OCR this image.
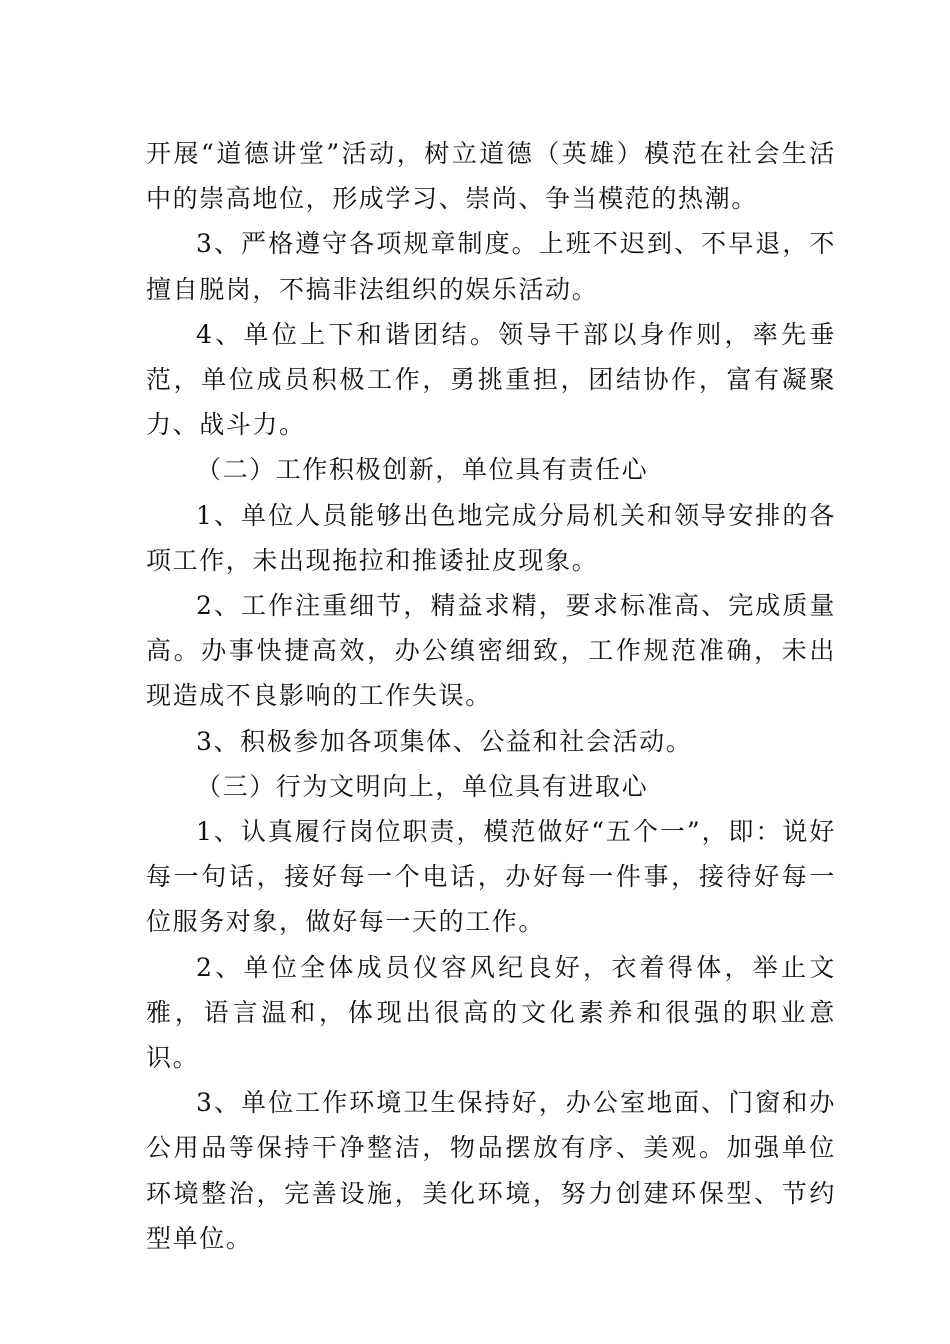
开展“道德讲堂”活动，树立道德（英雄）模范在社会生活中的崇高地位，形成学习、崇尚、争当模范的热潮。

3、严格遵守各项规章制度。上班不迟到、不早退，不擅自脱岗，不搞非法组织的娱乐活动。

4、单位上下和谐团结。领导干部以身作则，率先垂范，单位成员积极工作，勇挑重担，团结协作，富有凝聚力、战斗力。

（二）工作积极创新，单位具有责任心

1、单位人员能够出色地完成分局机关和领导安排的各项工作，未出现拖拉和推诿扯皮现象。

2、工作注重细节，精益求精，要求标准高、完成质量高。办事快捷高效，办公缜密细致，工作规范准确，未出现造成不良影响的工作失误。

3、积极参加各项集体、公益和社会活动。

（三）行为文明向上，单位具有进取心

1、认真履行岗位职责，模范做好“五个一”，即：说好每一句话，接好每一个电话，办好每一件事，接待好每一位服务对象，做好每一天的工作。

2、单位全体成员仪容风纪良好，衣着得体，举止文雅，语言温和，体现出很高的文化素养和很强的职业意识。

3、单位工作环境卫生保持好，办公室地面、门窗和办公用品等保持干净整洁，物品摆放有序、美观。加强单位环境整治，完善设施，美化环境，努力创建环保型、节约型单位。
